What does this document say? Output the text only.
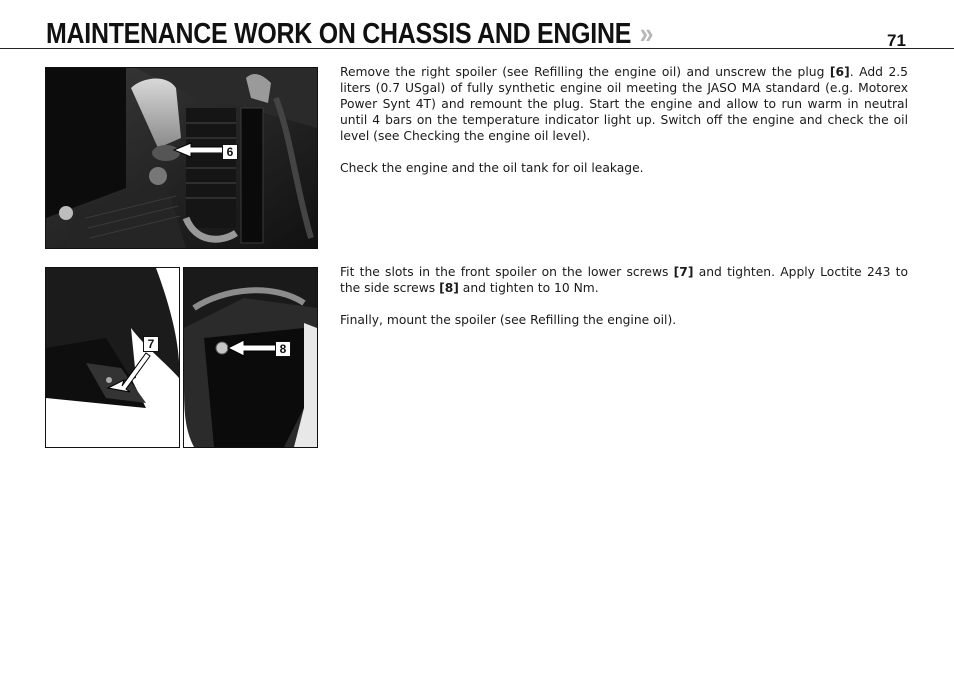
MAINTENANCE WORK ON CHASSIS AND ENGINE »	71
6

Remove the right spoiler (see Refilling the engine oil) and unscrew the plug [6]. Add 2.5 liters (0.7 USgal) of fully synthetic engine oil meeting the JASO MA standard (e.g. Motorex Power Synt 4T) and remount the plug. Start the engine and allow to run warm in neutral until 4 bars on the temperature indicator light up. Switch off the engine and check the oil level (see Checking the engine oil level).

Check the engine and the oil tank for oil leakage.

7	8

Fit the slots in the front spoiler on the lower screws [7] and tighten. Apply Loctite 243 to the side screws [8] and tighten to 10 Nm.

Finally, mount the spoiler (see Refilling the engine oil).
